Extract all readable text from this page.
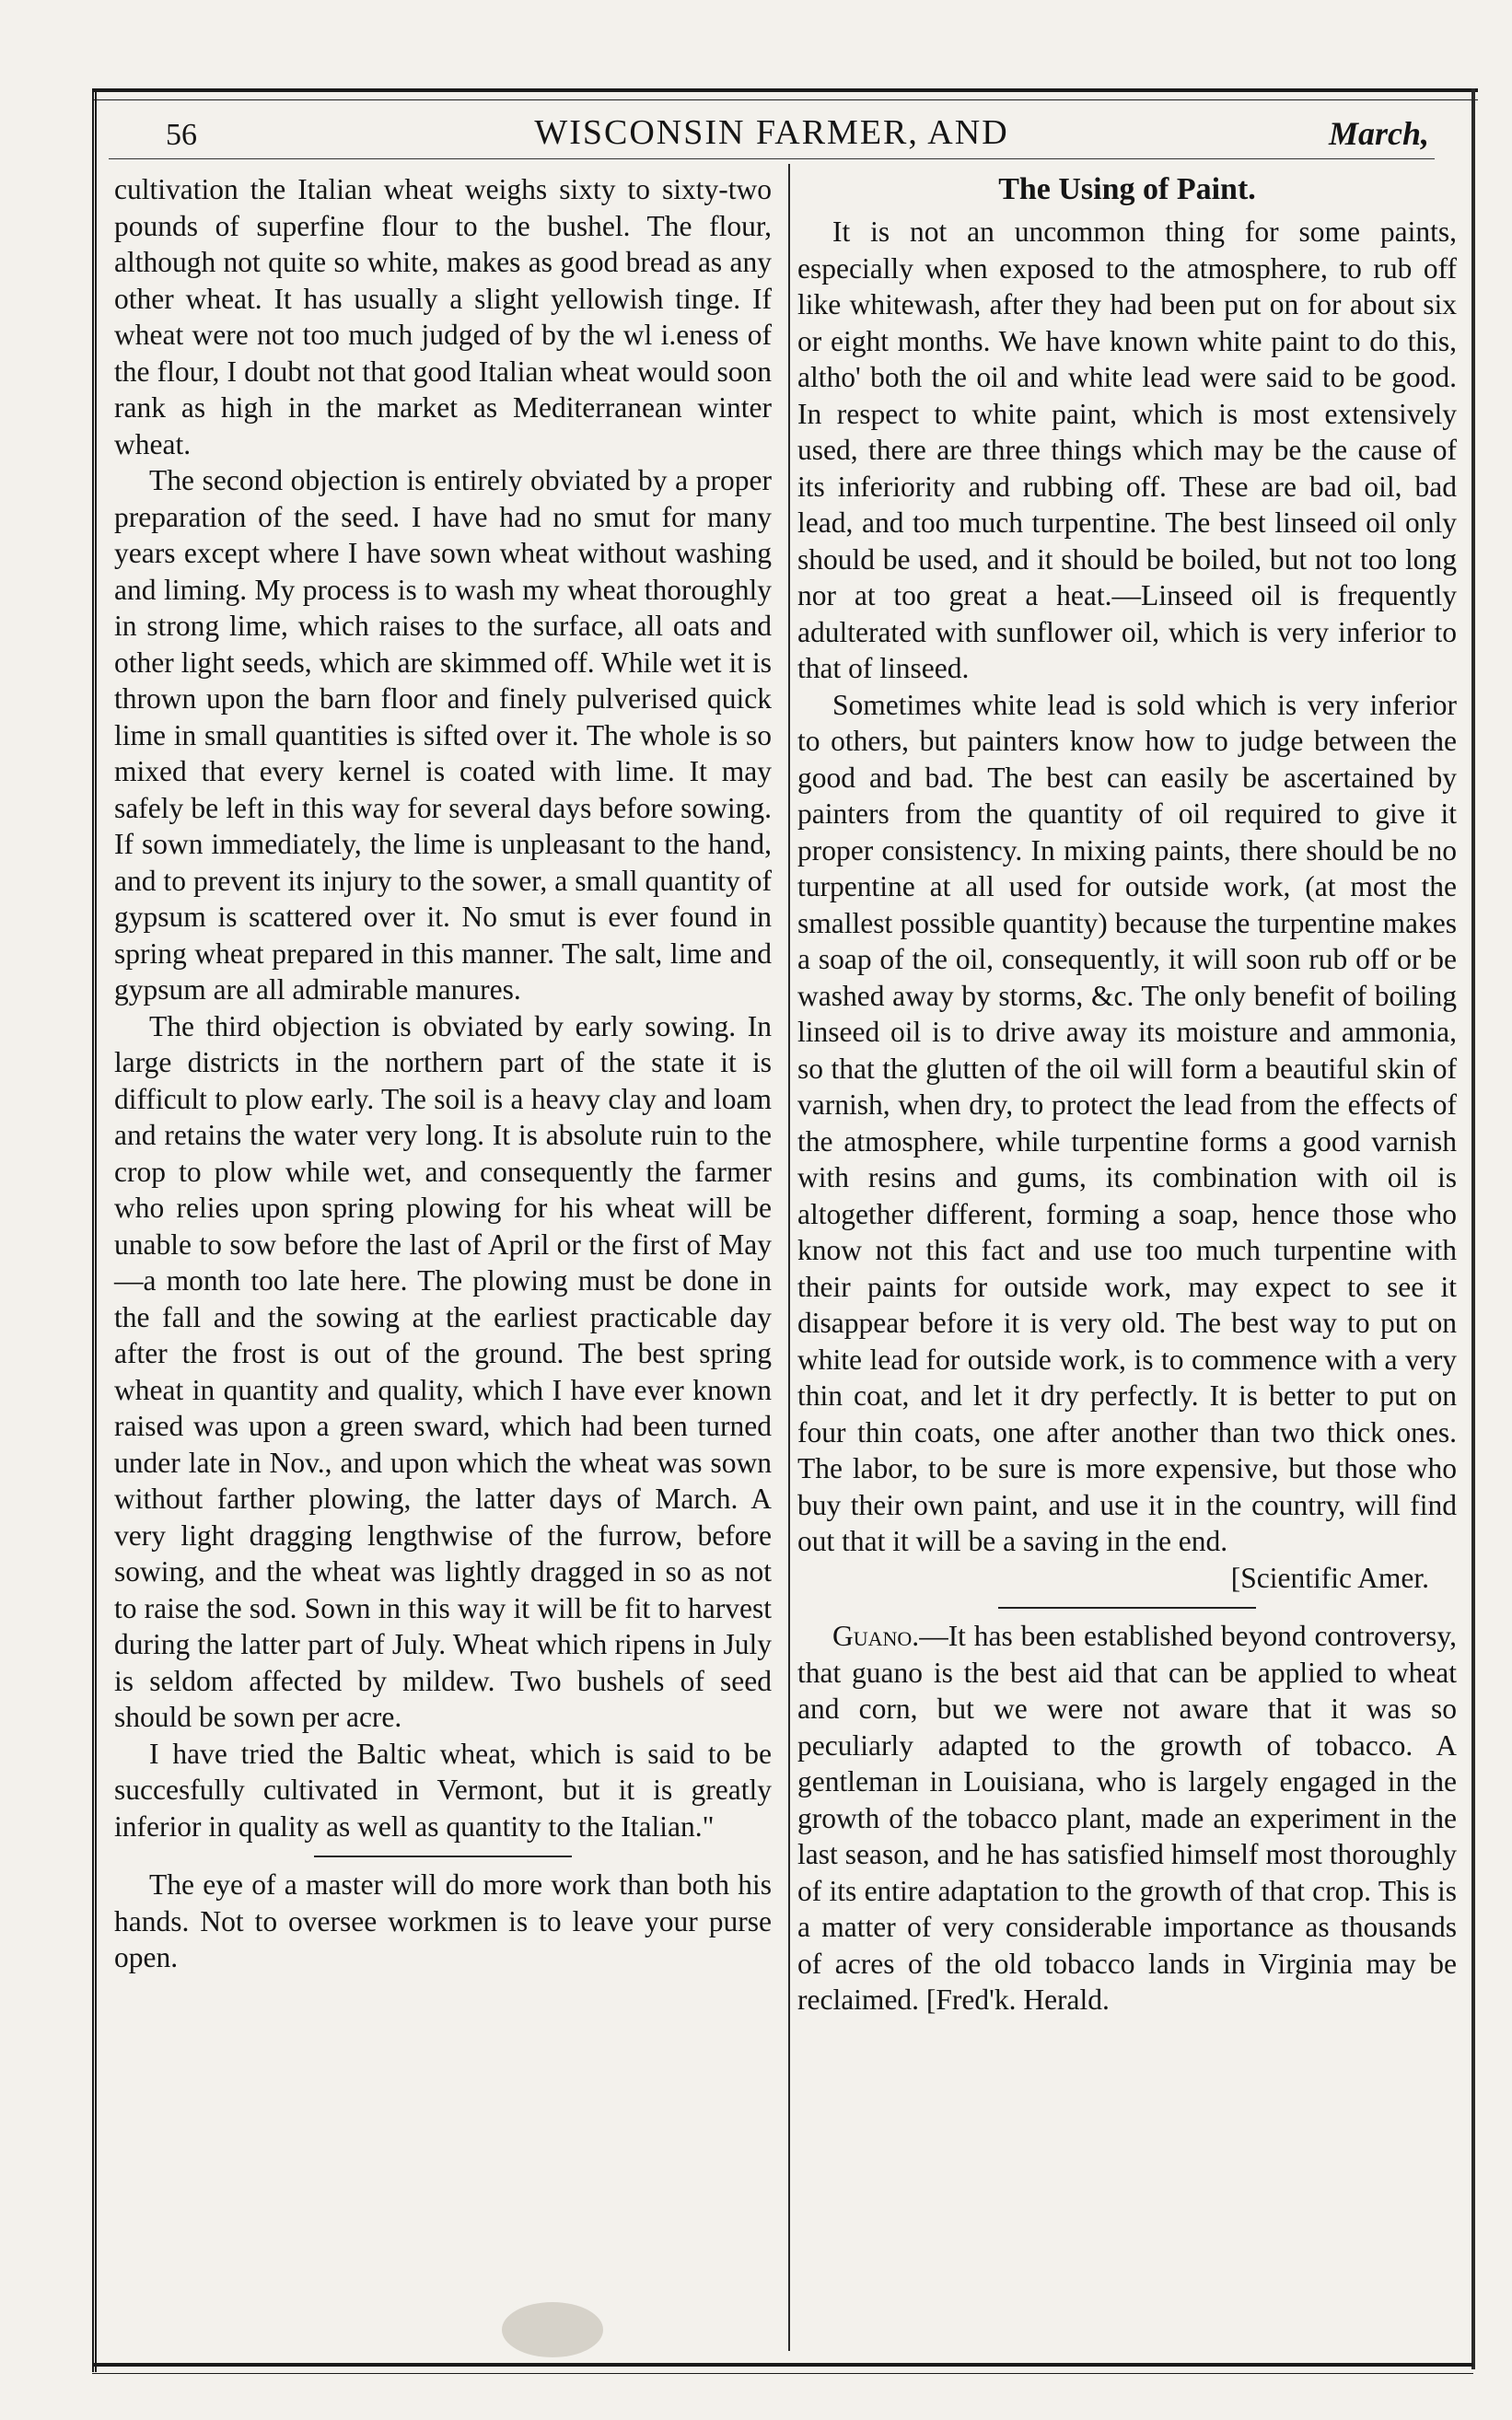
56	WISCONSIN FARMER, AND	March,

cultivation the Italian wheat weighs sixty to sixty-two pounds of superfine flour to the bushel. The flour, although not quite so white, makes as good bread as any other wheat. It has usually a slight yellowish tinge. If wheat were not too much judged of by the wl i.eness of the flour, I doubt not that good Italian wheat would soon rank as high in the market as Mediterranean winter wheat.

The second objection is entirely obviated by a proper preparation of the seed. I have had no smut for many years except where I have sown wheat without washing and liming. My process is to wash my wheat thoroughly in strong lime, which raises to the surface, all oats and other light seeds, which are skimmed off. While wet it is thrown upon the barn floor and finely pulverised quick lime in small quantities is sifted over it. The whole is so mixed that every kernel is coated with lime. It may safely be left in this way for several days before sowing. If sown immediately, the lime is unpleasant to the hand, and to prevent its injury to the sower, a small quantity of gypsum is scattered over it. No smut is ever found in spring wheat prepared in this manner. The salt, lime and gypsum are all admirable manures.

The third objection is obviated by early sowing. In large districts in the northern part of the state it is difficult to plow early. The soil is a heavy clay and loam and retains the water very long. It is absolute ruin to the crop to plow while wet, and consequently the farmer who relies upon spring plowing for his wheat will be unable to sow before the last of April or the first of May—a month too late here. The plowing must be done in the fall and the sowing at the earliest practicable day after the frost is out of the ground. The best spring wheat in quantity and quality, which I have ever known raised was upon a green sward, which had been turned under late in Nov., and upon which the wheat was sown without farther plowing, the latter days of March. A very light dragging lengthwise of the furrow, before sowing, and the wheat was lightly dragged in so as not to raise the sod. Sown in this way it will be fit to harvest during the latter part of July. Wheat which ripens in July is seldom affected by mildew. Two bushels of seed should be sown per acre.

I have tried the Baltic wheat, which is said to be succesfully cultivated in Vermont, but it is greatly inferior in quality as well as quantity to the Italian."

The eye of a master will do more work than both his hands. Not to oversee workmen is to leave your purse open.

The Using of Paint.

It is not an uncommon thing for some paints, especially when exposed to the atmosphere, to rub off like whitewash, after they had been put on for about six or eight months. We have known white paint to do this, altho' both the oil and white lead were said to be good. In respect to white paint, which is most extensively used, there are three things which may be the cause of its inferiority and rubbing off. These are bad oil, bad lead, and too much turpentine. The best linseed oil only should be used, and it should be boiled, but not too long nor at too great a heat.—Linseed oil is frequently adulterated with sunflower oil, which is very inferior to that of linseed.

Sometimes white lead is sold which is very inferior to others, but painters know how to judge between the good and bad. The best can easily be ascertained by painters from the quantity of oil required to give it proper consistency. In mixing paints, there should be no turpentine at all used for outside work, (at most the smallest possible quantity) because the turpentine makes a soap of the oil, consequently, it will soon rub off or be washed away by storms, &c. The only benefit of boiling linseed oil is to drive away its moisture and ammonia, so that the glutten of the oil will form a beautiful skin of varnish, when dry, to protect the lead from the effects of the atmosphere, while turpentine forms a good varnish with resins and gums, its combination with oil is altogether different, forming a soap, hence those who know not this fact and use too much turpentine with their paints for outside work, may expect to see it disappear before it is very old. The best way to put on white lead for outside work, is to commence with a very thin coat, and let it dry perfectly. It is better to put on four thin coats, one after another than two thick ones. The labor, to be sure is more expensive, but those who buy their own paint, and use it in the country, will find out that it will be a saving in the end.

[Scientific Amer.

Guano.—It has been established beyond controversy, that guano is the best aid that can be applied to wheat and corn, but we were not aware that it was so peculiarly adapted to the growth of tobacco. A gentleman in Louisiana, who is largely engaged in the growth of the tobacco plant, made an experiment in the last season, and he has satisfied himself most thoroughly of its entire adaptation to the growth of that crop. This is a matter of very considerable importance as thousands of acres of the old tobacco lands in Virginia may be reclaimed. [Fred'k. Herald.
